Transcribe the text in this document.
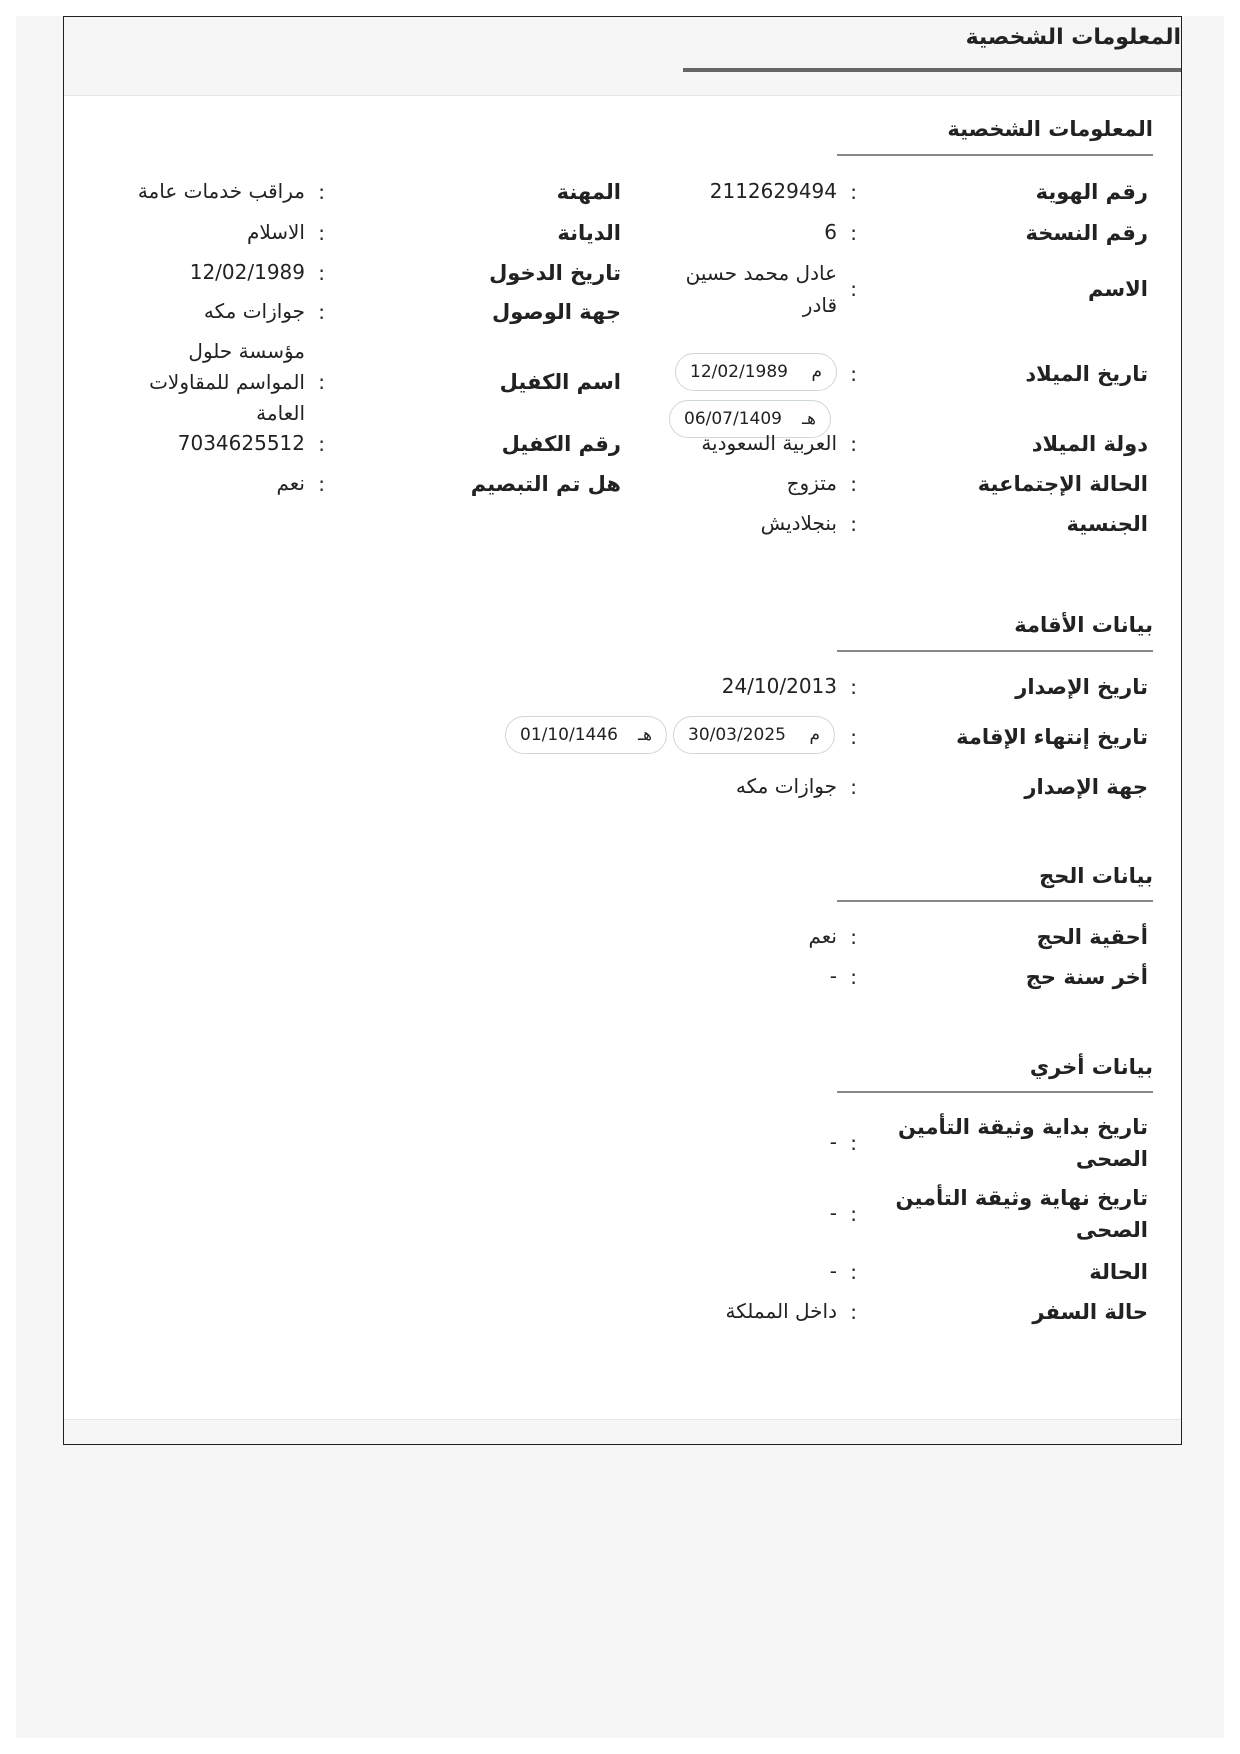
المعلومات الشخصية
المعلومات الشخصية
رقم الهوية
:
2112629494
رقم النسخة
:
6
الاسم
:
عادل محمد حسين
قادر
تاريخ الميلاد
:
م
12/02/1989
هـ
06/07/1409
دولة الميلاد
:
العربية السعودية
الحالة الإجتماعية
:
متزوج
الجنسية
:
بنجلاديش
المهنة
:
مراقب خدمات عامة
الديانة
:
الاسلام
تاريخ الدخول
:
12/02/1989
جهة الوصول
:
جوازات مكه
اسم الكفيل
:
مؤسسة حلول
المواسم للمقاولات
العامة
رقم الكفيل
:
7034625512
هل تم التبصيم
:
نعم
بيانات الأقامة
تاريخ الإصدار
:
24/10/2013
تاريخ إنتهاء الإقامة
:
م
30/03/2025
هـ
01/10/1446
جهة الإصدار
:
جوازات مكه
بيانات الحج
أحقية الحج
:
نعم
أخر سنة حج
:
-
بيانات أخري
تاريخ بداية وثيقة التأمين
الصحى
:
-
تاريخ نهاية وثيقة التأمين
الصحى
:
-
الحالة
:
-
حالة السفر
:
داخل المملكة
